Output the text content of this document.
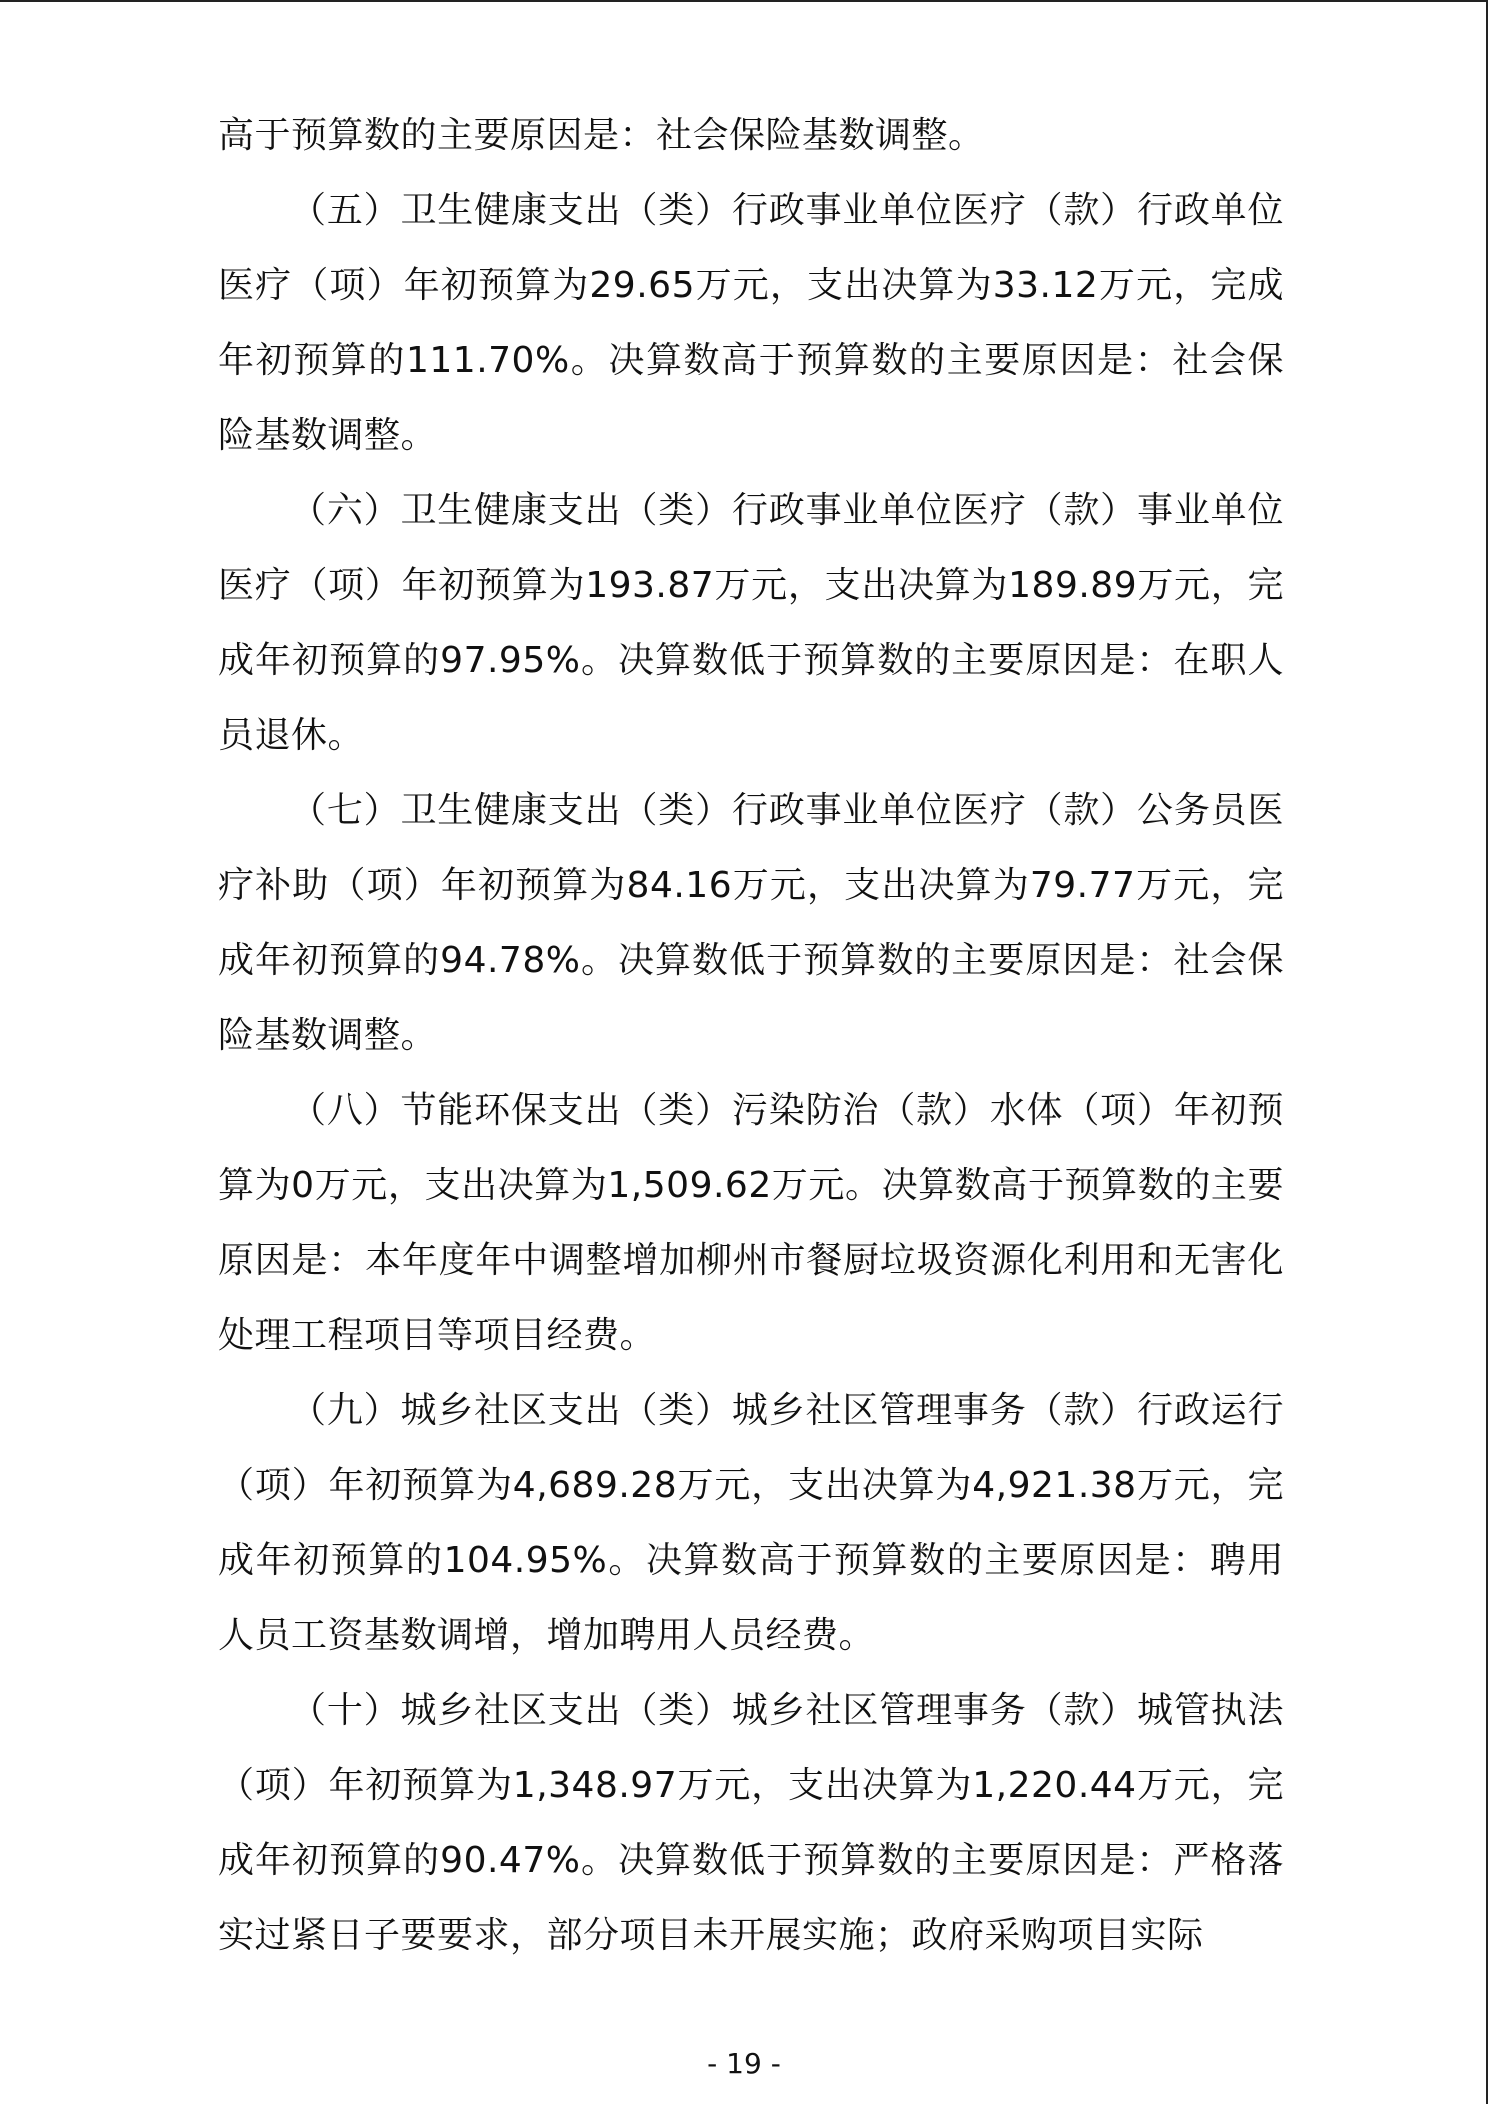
高于预算数的主要原因是：社会保险基数调整。

（五）卫生健康支出（类）行政事业单位医疗（款）行政单位医疗（项）年初预算为29.65万元，支出决算为33.12万元，完成年初预算的111.70%。决算数高于预算数的主要原因是：社会保险基数调整。

（六）卫生健康支出（类）行政事业单位医疗（款）事业单位医疗（项）年初预算为193.87万元，支出决算为189.89万元，完成年初预算的97.95%。决算数低于预算数的主要原因是：在职人员退休。

（七）卫生健康支出（类）行政事业单位医疗（款）公务员医疗补助（项）年初预算为84.16万元，支出决算为79.77万元，完成年初预算的94.78%。决算数低于预算数的主要原因是：社会保险基数调整。

（八）节能环保支出（类）污染防治（款）水体（项）年初预算为0万元，支出决算为1,509.62万元。决算数高于预算数的主要原因是：本年度年中调整增加柳州市餐厨垃圾资源化利用和无害化处理工程项目等项目经费。

（九）城乡社区支出（类）城乡社区管理事务（款）行政运行（项）年初预算为4,689.28万元，支出决算为4,921.38万元，完成年初预算的104.95%。决算数高于预算数的主要原因是：聘用人员工资基数调增，增加聘用人员经费。

（十）城乡社区支出（类）城乡社区管理事务（款）城管执法（项）年初预算为1,348.97万元，支出决算为1,220.44万元，完成年初预算的90.47%。决算数低于预算数的主要原因是：严格落实过紧日子要要求，部分项目未开展实施；政府采购项目实际

- 19 -
